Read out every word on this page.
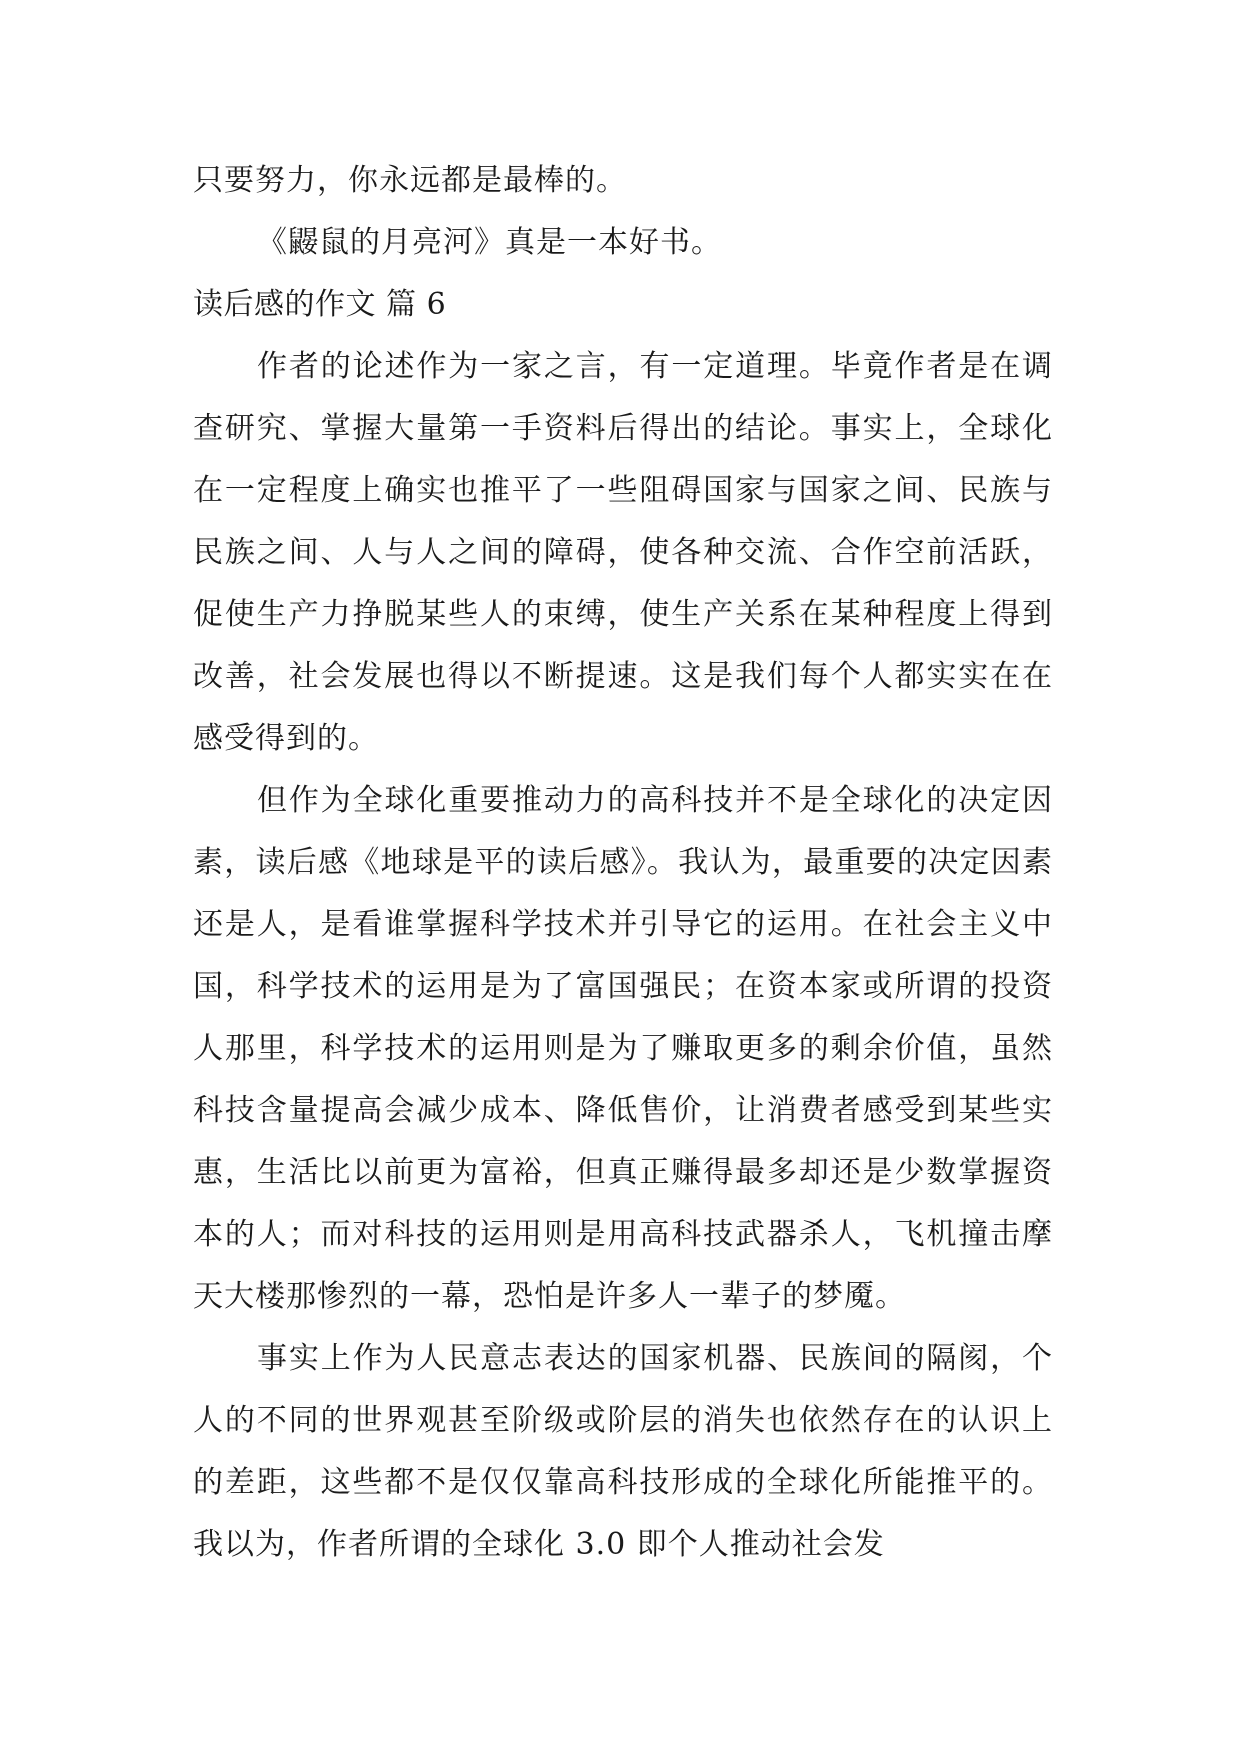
只要努力，你永远都是最棒的。

《鼹鼠的月亮河》真是一本好书。

读后感的作文 篇 6

作者的论述作为一家之言，有一定道理。毕竟作者是在调查研究、掌握大量第一手资料后得出的结论。事实上，全球化在一定程度上确实也推平了一些阻碍国家与国家之间、民族与民族之间、人与人之间的障碍，使各种交流、合作空前活跃，促使生产力挣脱某些人的束缚，使生产关系在某种程度上得到改善，社会发展也得以不断提速。这是我们每个人都实实在在感受得到的。

但作为全球化重要推动力的高科技并不是全球化的决定因素，读后感《地球是平的读后感》。我认为，最重要的决定因素还是人，是看谁掌握科学技术并引导它的运用。在社会主义中国，科学技术的运用是为了富国强民；在资本家或所谓的投资人那里，科学技术的运用则是为了赚取更多的剩余价值，虽然科技含量提高会减少成本、降低售价，让消费者感受到某些实惠，生活比以前更为富裕，但真正赚得最多却还是少数掌握资本的人；而对科技的运用则是用高科技武器杀人，飞机撞击摩天大楼那惨烈的一幕，恐怕是许多人一辈子的梦魇。

事实上作为人民意志表达的国家机器、民族间的隔阂，个人的不同的世界观甚至阶级或阶层的消失也依然存在的认识上的差距，这些都不是仅仅靠高科技形成的全球化所能推平的。我以为，作者所谓的全球化 3.0 即个人推动社会发
